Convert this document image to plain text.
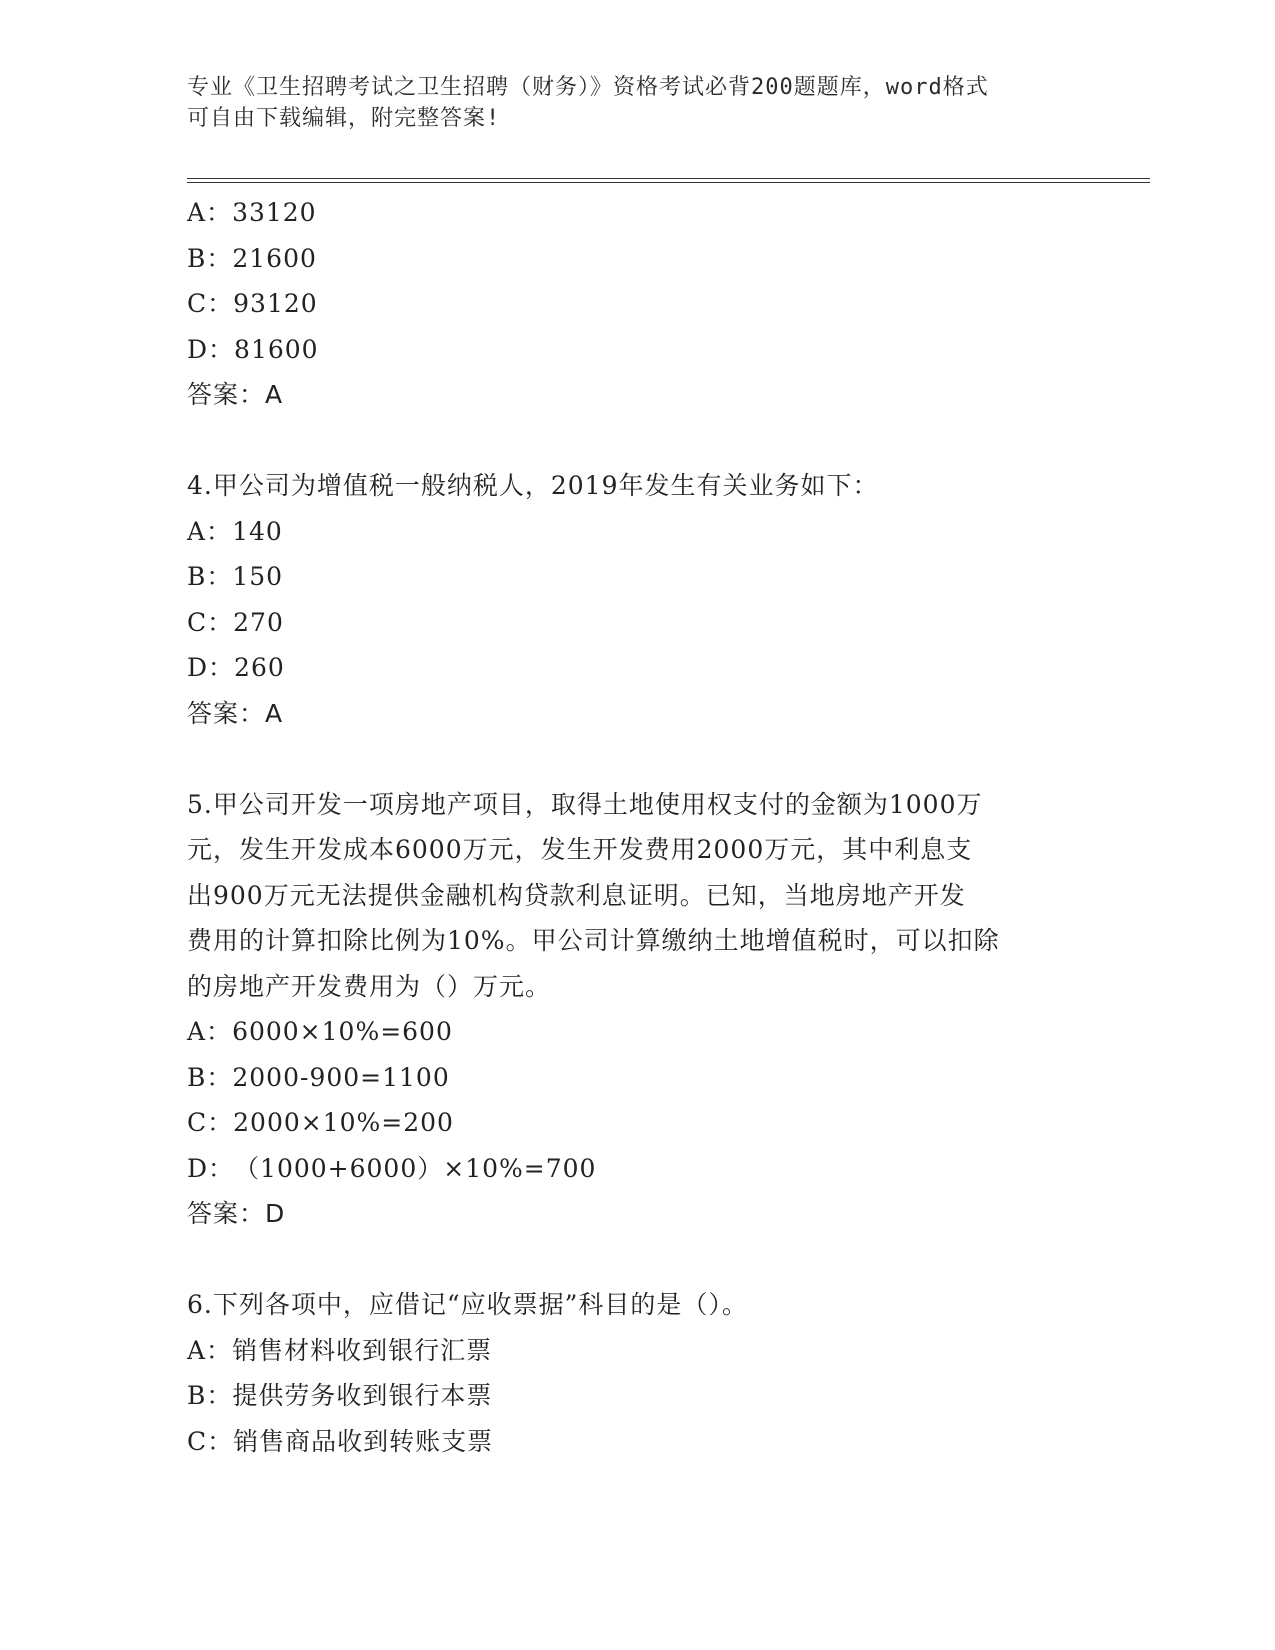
专业《卫生招聘考试之卫生招聘（财务）》资格考试必背200题题库，word格式
可自由下载编辑，附完整答案!
A：33120
B：21600
C：93120
D：81600
答案：A
4.甲公司为增值税一般纳税人，2019年发生有关业务如下：
A：140
B：150
C：270
D：260
答案：A
5.甲公司开发一项房地产项目，取得土地使用权支付的金额为1000万
元，发生开发成本6000万元，发生开发费用2000万元，其中利息支
出900万元无法提供金融机构贷款利息证明。已知，当地房地产开发
费用的计算扣除比例为10%。甲公司计算缴纳土地增值税时，可以扣除
的房地产开发费用为（）万元。
A：6000×10%=600
B：2000-900=1100
C：2000×10%=200
D：（1000+6000）×10%=700
答案：D
6.下列各项中，应借记“应收票据”科目的是（）。
A：销售材料收到银行汇票
B：提供劳务收到银行本票
C：销售商品收到转账支票
